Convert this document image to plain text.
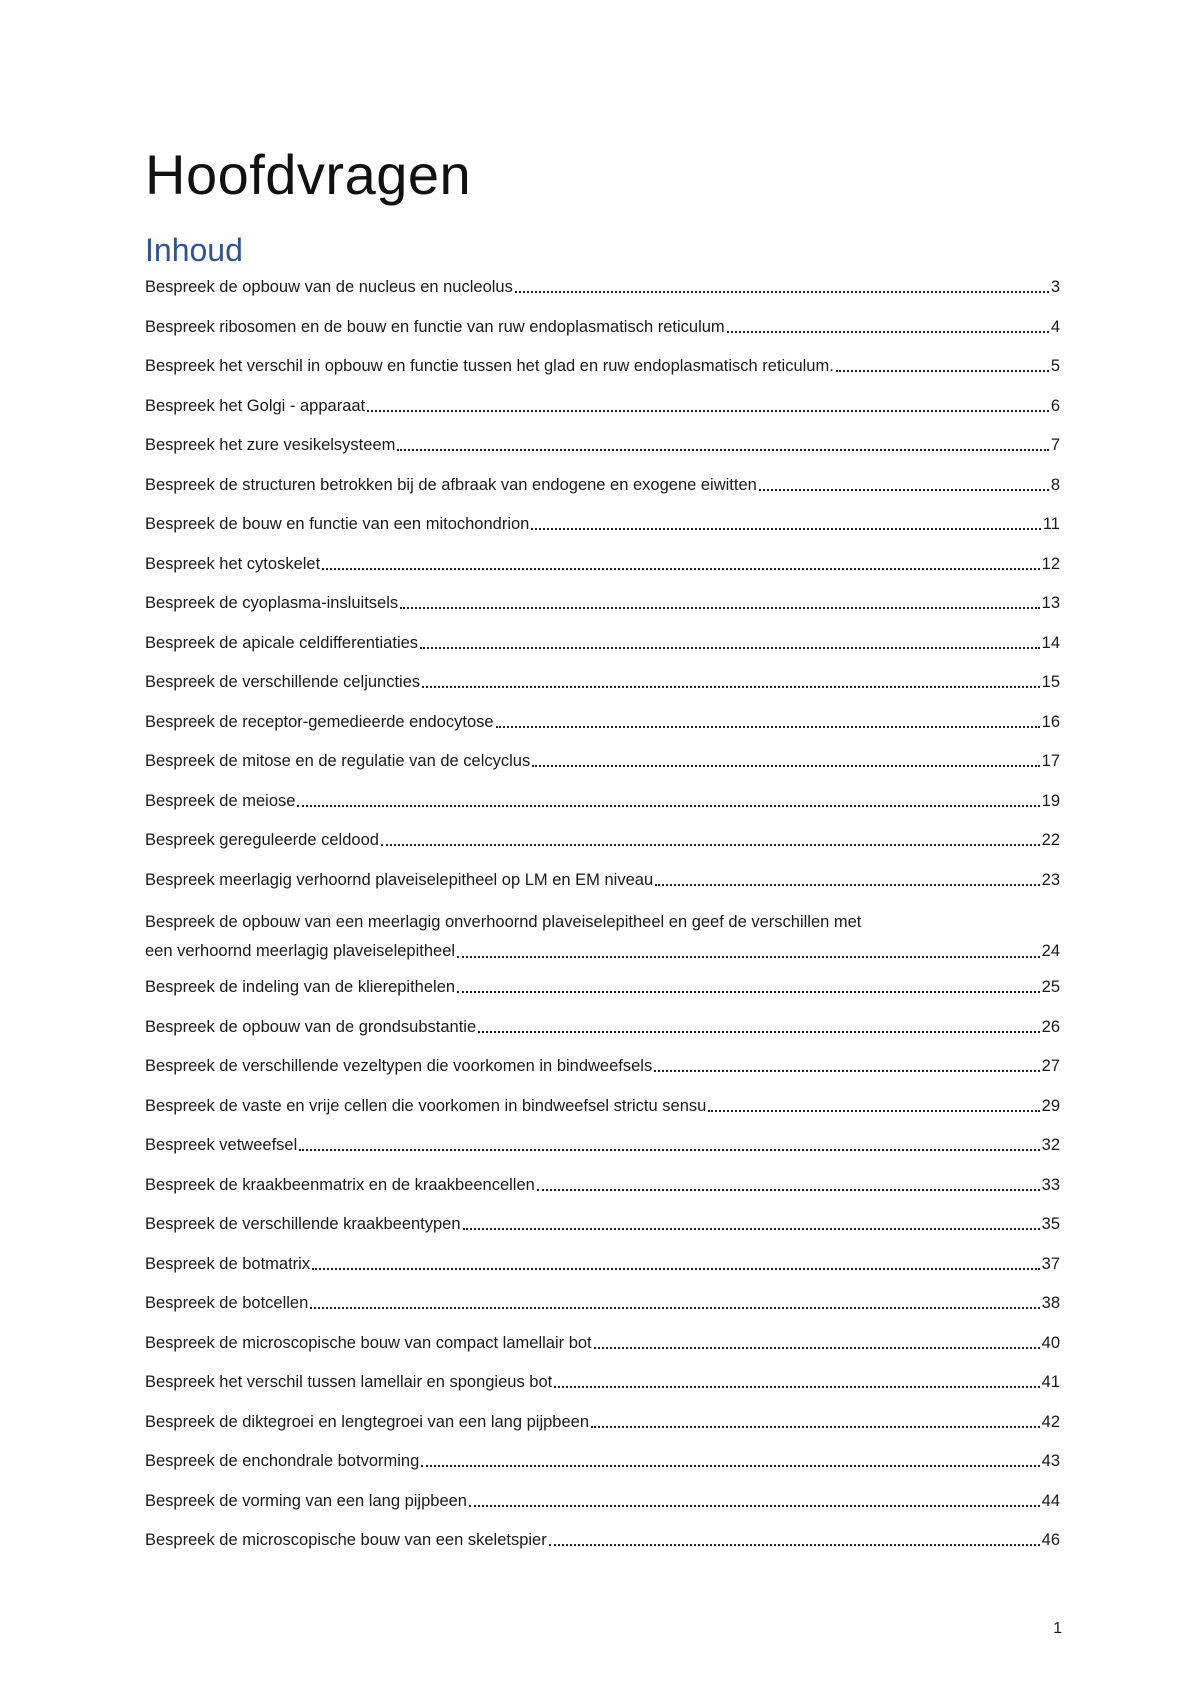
Hoofdvragen
Inhoud
Bespreek de opbouw van de nucleus en nucleolus	3
Bespreek ribosomen en de bouw en functie van ruw endoplasmatisch reticulum	4
Bespreek het verschil in opbouw en functie tussen het glad en ruw endoplasmatisch reticulum.	5
Bespreek het Golgi - apparaat	6
Bespreek het zure vesikelsysteem	7
Bespreek de structuren betrokken bij de afbraak van endogene en exogene eiwitten	8
Bespreek de bouw en functie van een mitochondrion	11
Bespreek het cytoskelet	12
Bespreek de cyoplasma-insluitsels	13
Bespreek de apicale celdifferentiaties	14
Bespreek de verschillende celjuncties	15
Bespreek de receptor-gemedieerde endocytose	16
Bespreek de mitose en de regulatie van de celcyclus	17
Bespreek de meiose	19
Bespreek gereguleerde celdood	22
Bespreek meerlagig verhoornd plaveiselepitheel op LM en EM niveau	23
Bespreek de opbouw van een meerlagig onverhoornd plaveiselepitheel en geef de verschillen met
een verhoornd meerlagig plaveiselepitheel	24
Bespreek de indeling van de klierepithelen	25
Bespreek de opbouw van de grondsubstantie	26
Bespreek de verschillende vezeltypen die voorkomen in bindweefsels	27
Bespreek de vaste en vrije cellen die voorkomen in bindweefsel strictu sensu	29
Bespreek vetweefsel	32
Bespreek de kraakbeenmatrix en de kraakbeencellen	33
Bespreek de verschillende kraakbeentypen	35
Bespreek de botmatrix	37
Bespreek de botcellen	38
Bespreek de microscopische bouw van compact lamellair bot	40
Bespreek het verschil tussen lamellair en spongieus bot	41
Bespreek de diktegroei en lengtegroei van een lang pijpbeen	42
Bespreek de enchondrale botvorming	43
Bespreek de vorming van een lang pijpbeen	44
Bespreek de microscopische bouw van een skeletspier	46
1
